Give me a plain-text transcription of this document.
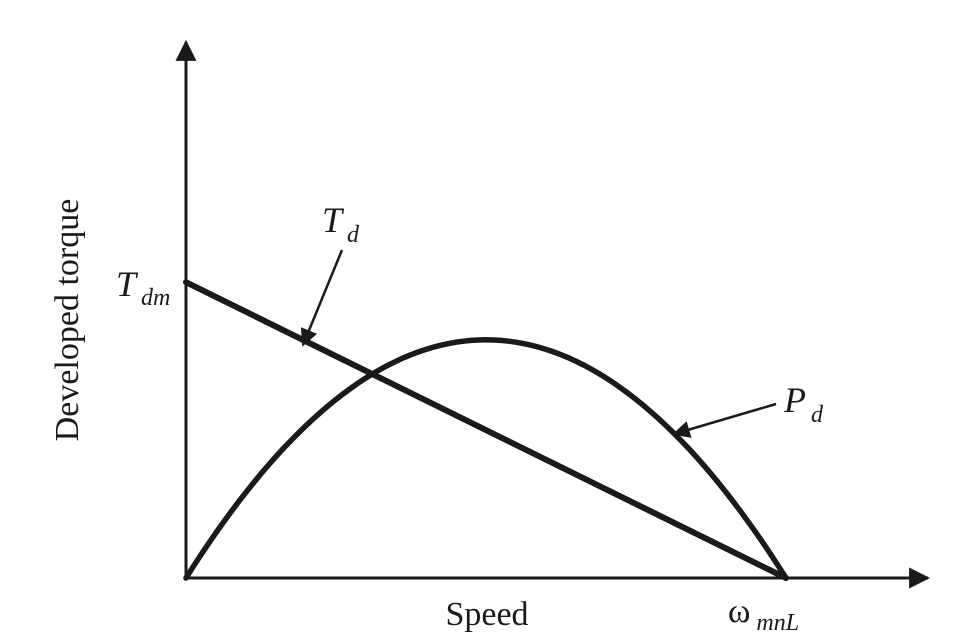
Developed torque
Speed	ω mnL
T dm
T d
P d
